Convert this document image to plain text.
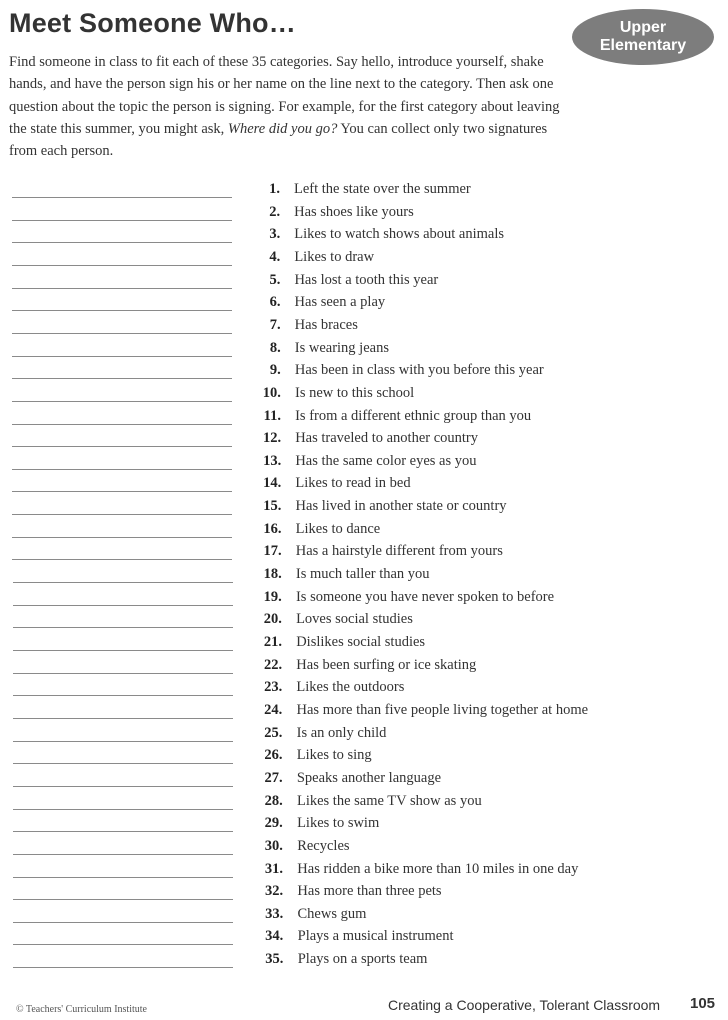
Meet Someone Who…	Upper
Elementary

Find someone in class to fit each of these 35 categories. Say hello, introduce yourself, shake hands, and have the person sign his or her name on the line next to the category. Then ask one question about the topic the person is signing. For example, for the first category about leaving the state this summer, you might ask, Where did you go? You can collect only two signatures from each person.

1. Left the state over the summer
2. Has shoes like yours
3. Likes to watch shows about animals
4. Likes to draw
5. Has lost a tooth this year
6. Has seen a play
7. Has braces
8. Is wearing jeans
9. Has been in class with you before this year
10. Is new to this school
11. Is from a different ethnic group than you
12. Has traveled to another country
13. Has the same color eyes as you
14. Likes to read in bed
15. Has lived in another state or country
16. Likes to dance
17. Has a hairstyle different from yours
18. Is much taller than you
19. Is someone you have never spoken to before
20. Loves social studies
21. Dislikes social studies
22. Has been surfing or ice skating
23. Likes the outdoors
24. Has more than five people living together at home
25. Is an only child
26. Likes to sing
27. Speaks another language
28. Likes the same TV show as you
29. Likes to swim
30. Recycles
31. Has ridden a bike more than 10 miles in one day
32. Has more than three pets
33. Chews gum
34. Plays a musical instrument
35. Plays on a sports team
© Teachers' Curriculum Institute	Creating a Cooperative, Tolerant Classroom 105
